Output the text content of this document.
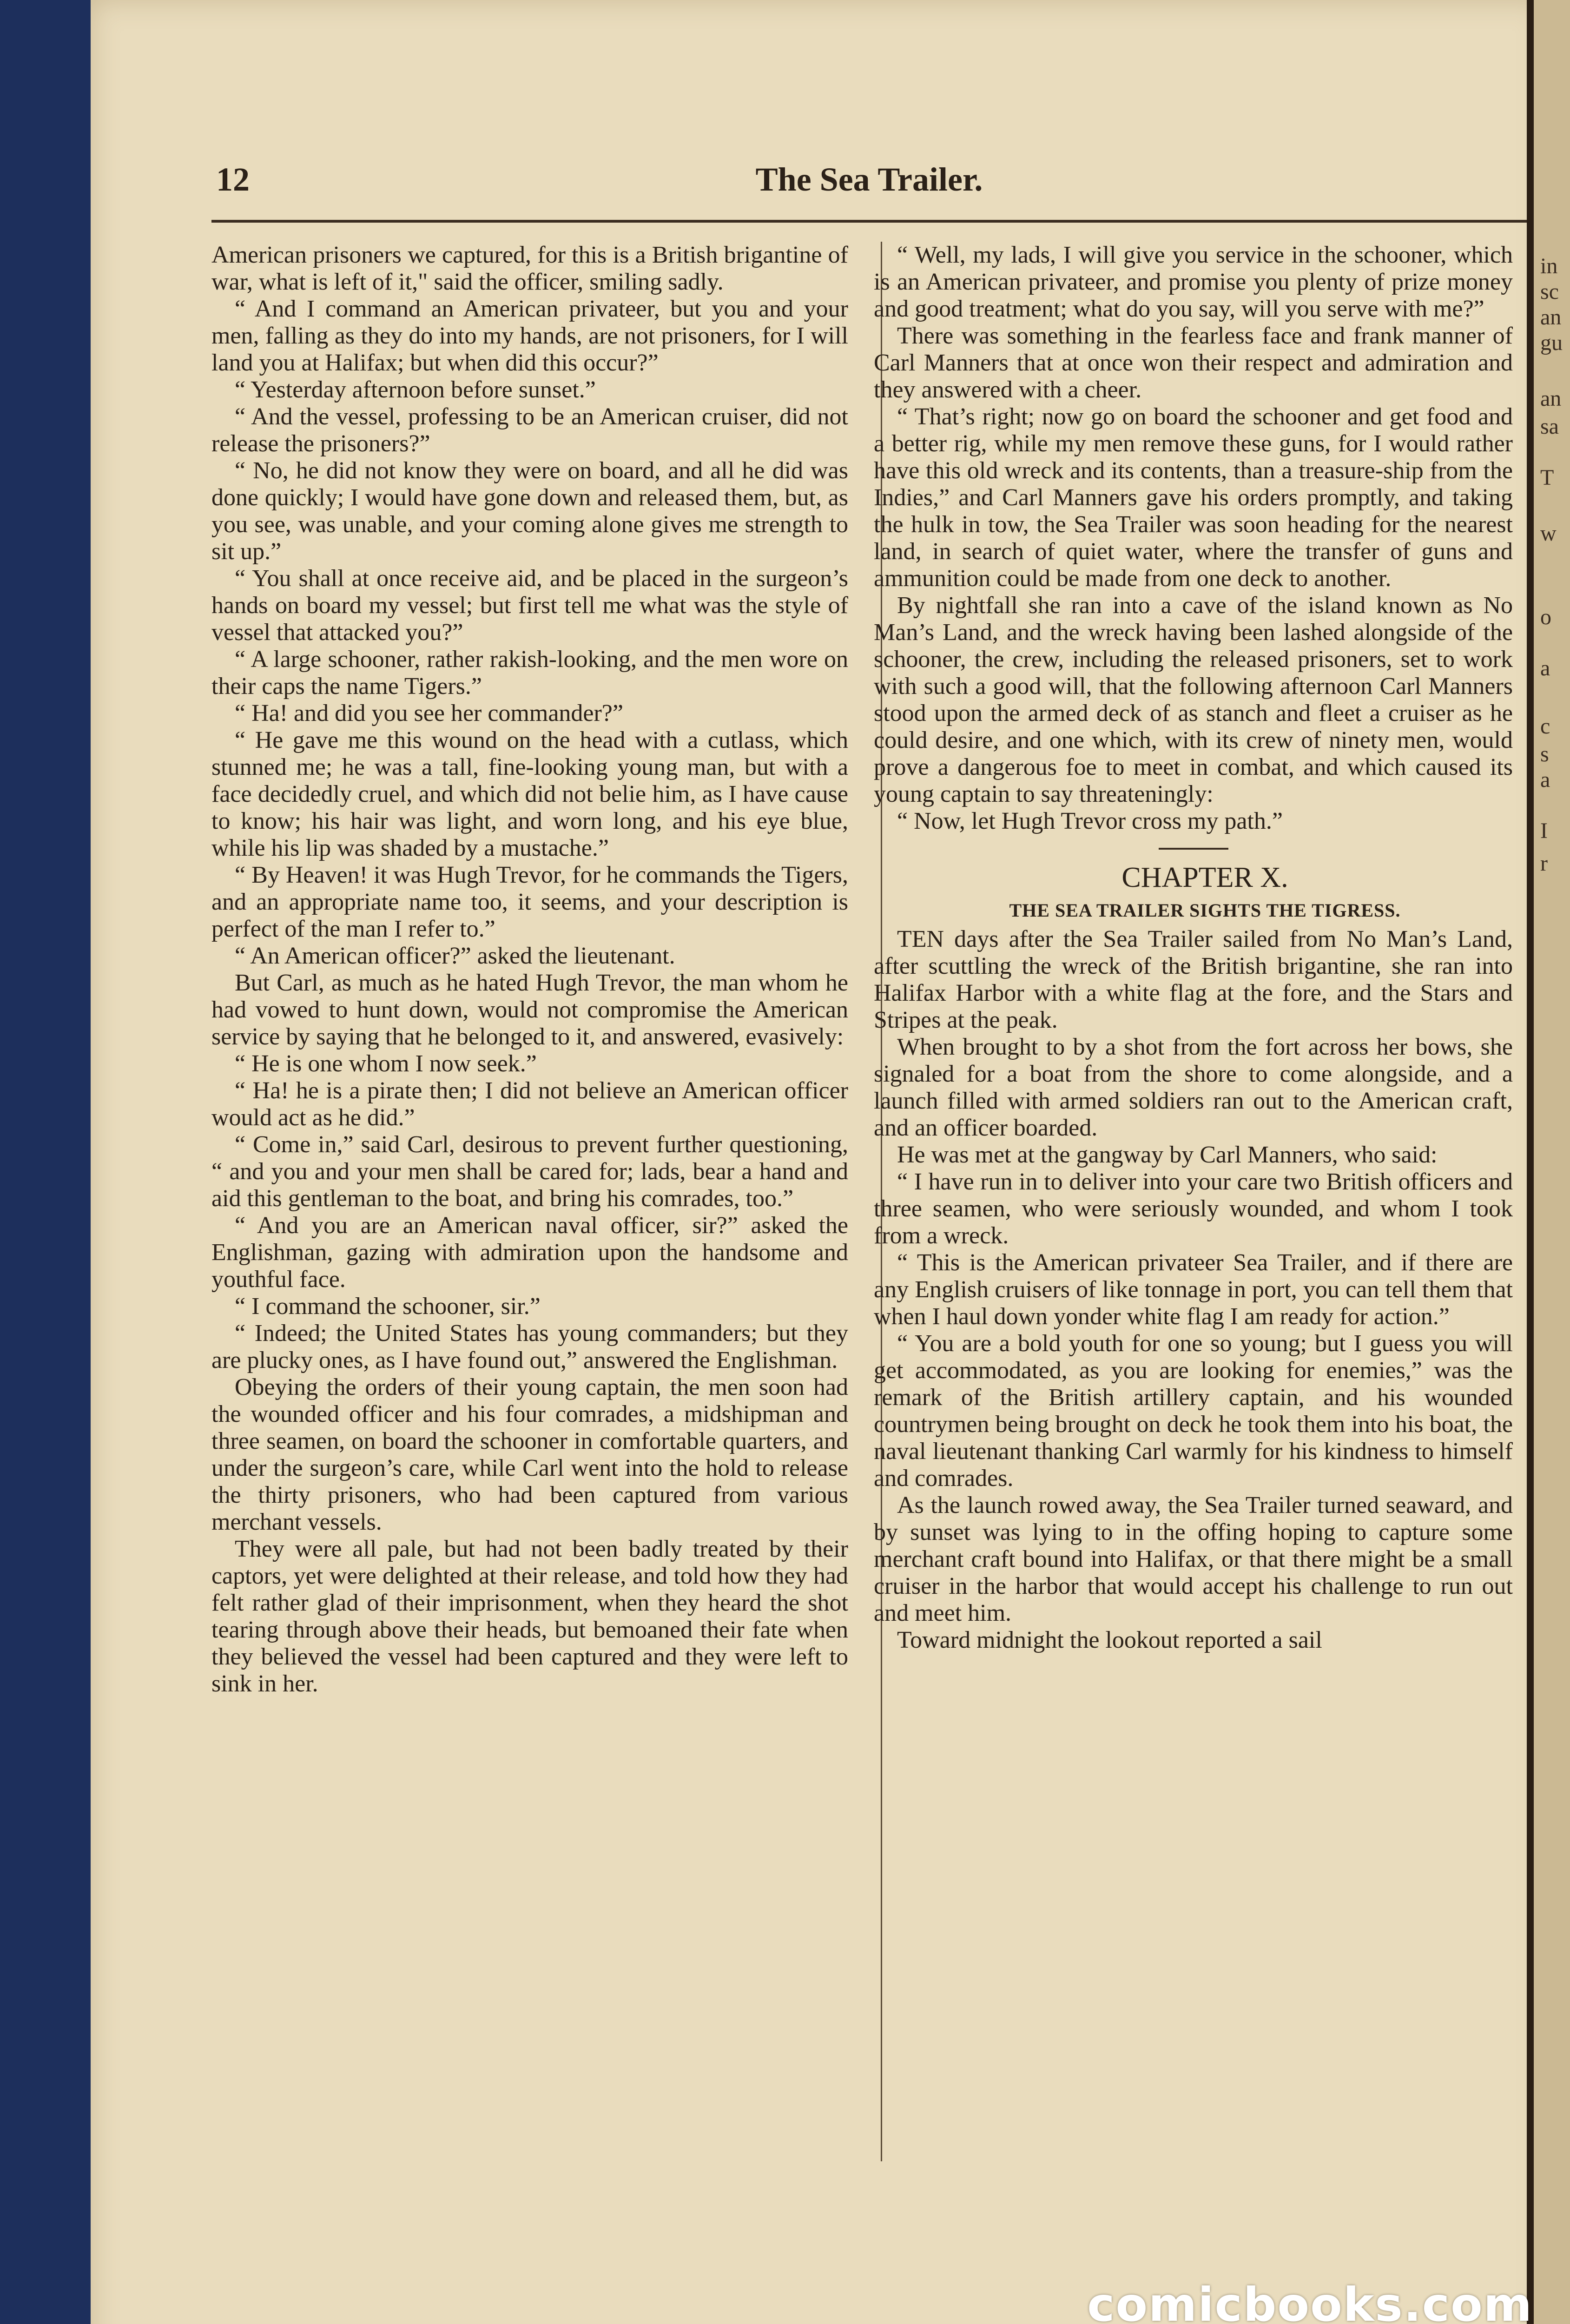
in
sc
an
gu
an
sa
T
w
o
a
c
s
a
I
r
12	The Sea Trailer.

American prisoners we captured, for this is a British brigantine of war, what is left of it," said the officer, smiling sadly.

“ And I command an American privateer, but you and your men, falling as they do into my hands, are not prisoners, for I will land you at Halifax; but when did this occur?”

“ Yesterday afternoon before sunset.”

“ And the vessel, professing to be an American cruiser, did not release the prisoners?”

“ No, he did not know they were on board, and all he did was done quickly; I would have gone down and released them, but, as you see, was unable, and your coming alone gives me strength to sit up.”

“ You shall at once receive aid, and be placed in the surgeon’s hands on board my vessel; but first tell me what was the style of vessel that attacked you?”

“ A large schooner, rather rakish-looking, and the men wore on their caps the name Tigers.”

“ Ha! and did you see her commander?”

“ He gave me this wound on the head with a cutlass, which stunned me; he was a tall, fine-looking young man, but with a face decidedly cruel, and which did not belie him, as I have cause to know; his hair was light, and worn long, and his eye blue, while his lip was shaded by a mustache.”

“ By Heaven! it was Hugh Trevor, for he commands the Tigers, and an appropriate name too, it seems, and your description is perfect of the man I refer to.”

“ An American officer?” asked the lieutenant.

But Carl, as much as he hated Hugh Trevor, the man whom he had vowed to hunt down, would not compromise the American service by saying that he belonged to it, and answered, evasively:

“ He is one whom I now seek.”

“ Ha! he is a pirate then; I did not believe an American officer would act as he did.”

“ Come in,” said Carl, desirous to prevent further questioning, “ and you and your men shall be cared for; lads, bear a hand and aid this gentleman to the boat, and bring his comrades, too.”

“ And you are an American naval officer, sir?” asked the Englishman, gazing with admiration upon the handsome and youthful face.

“ I command the schooner, sir.”

“ Indeed; the United States has young commanders; but they are plucky ones, as I have found out,” answered the Englishman.

Obeying the orders of their young captain, the men soon had the wounded officer and his four comrades, a midshipman and three seamen, on board the schooner in comfortable quarters, and under the surgeon’s care, while Carl went into the hold to release the thirty prisoners, who had been captured from various merchant vessels.

They were all pale, but had not been badly treated by their captors, yet were delighted at their release, and told how they had felt rather glad of their imprisonment, when they heard the shot tearing through above their heads, but bemoaned their fate when they believed the vessel had been captured and they were left to sink in her.

“ Well, my lads, I will give you service in the schooner, which is an American privateer, and promise you plenty of prize money and good treatment; what do you say, will you serve with me?”

There was something in the fearless face and frank manner of Carl Manners that at once won their respect and admiration and they answered with a cheer.

“ That’s right; now go on board the schooner and get food and a better rig, while my men remove these guns, for I would rather have this old wreck and its contents, than a treasure-ship from the Indies,” and Carl Manners gave his orders promptly, and taking the hulk in tow, the Sea Trailer was soon heading for the nearest land, in search of quiet water, where the transfer of guns and ammunition could be made from one deck to another.

By nightfall she ran into a cave of the island known as No Man’s Land, and the wreck having been lashed alongside of the schooner, the crew, including the released prisoners, set to work with such a good will, that the following afternoon Carl Manners stood upon the armed deck of as stanch and fleet a cruiser as he could desire, and one which, with its crew of ninety men, would prove a dangerous foe to meet in combat, and which caused its young captain to say threateningly:

“ Now, let Hugh Trevor cross my path.”

CHAPTER X.

THE SEA TRAILER SIGHTS THE TIGRESS.

TEN days after the Sea Trailer sailed from No Man’s Land, after scuttling the wreck of the British brigantine, she ran into Halifax Harbor with a white flag at the fore, and the Stars and Stripes at the peak.

When brought to by a shot from the fort across her bows, she signaled for a boat from the shore to come alongside, and a launch filled with armed soldiers ran out to the American craft, and an officer boarded.

He was met at the gangway by Carl Manners, who said:

“ I have run in to deliver into your care two British officers and three seamen, who were seriously wounded, and whom I took from a wreck.

“ This is the American privateer Sea Trailer, and if there are any English cruisers of like tonnage in port, you can tell them that when I haul down yonder white flag I am ready for action.”

“ You are a bold youth for one so young; but I guess you will get accommodated, as you are looking for enemies,” was the remark of the British artillery captain, and his wounded countrymen being brought on deck he took them into his boat, the naval lieutenant thanking Carl warmly for his kindness to himself and comrades.

As the launch rowed away, the Sea Trailer turned seaward, and by sunset was lying to in the offing hoping to capture some merchant craft bound into Halifax, or that there might be a small cruiser in the harbor that would accept his challenge to run out and meet him.

Toward midnight the lookout reported a sail

comicbooks.com
